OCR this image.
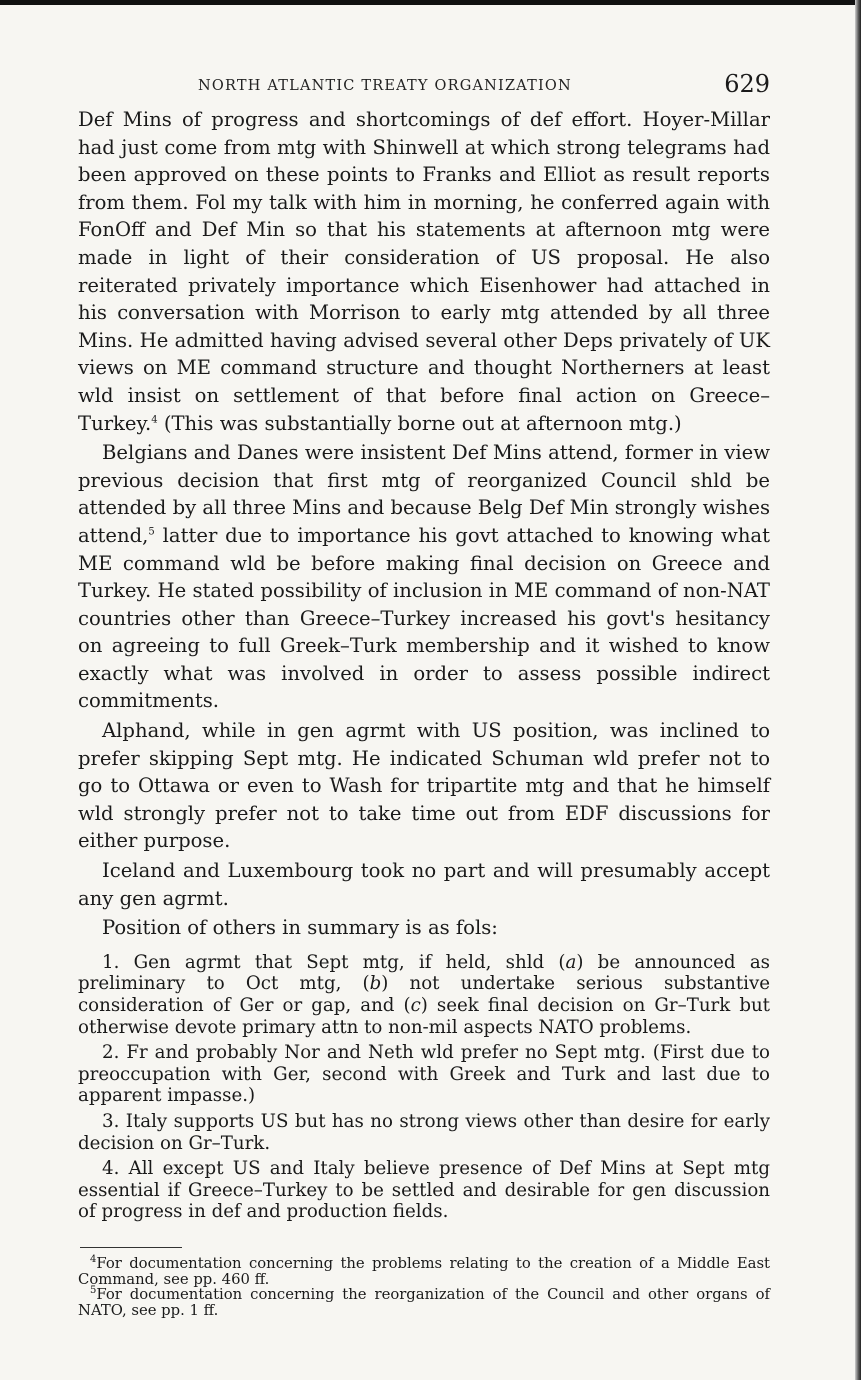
NORTH ATLANTIC TREATY ORGANIZATION	629

Def Mins of progress and shortcomings of def effort. Hoyer-Millar had just come from mtg with Shinwell at which strong telegrams had been approved on these points to Franks and Elliot as result reports from them. Fol my talk with him in morning, he conferred again with FonOff and Def Min so that his statements at afternoon mtg were made in light of their consideration of US proposal. He also reiterated privately importance which Eisenhower had attached in his conversation with Morrison to early mtg attended by all three Mins. He admitted having advised several other Deps privately of UK views on ME command structure and thought Northerners at least wld insist on settlement of that before final action on Greece–Turkey.$^4$ (This was substantially borne out at afternoon mtg.)

Belgians and Danes were insistent Def Mins attend, former in view previous decision that first mtg of reorganized Council shld be attended by all three Mins and because Belg Def Min strongly wishes attend,$^5$ latter due to importance his govt attached to knowing what ME command wld be before making final decision on Greece and Turkey. He stated possibility of inclusion in ME command of non-NAT countries other than Greece–Turkey increased his govt's hesitancy on agreeing to full Greek–Turk membership and it wished to know exactly what was involved in order to assess possible indirect commitments.

Alphand, while in gen agrmt with US position, was inclined to prefer skipping Sept mtg. He indicated Schuman wld prefer not to go to Ottawa or even to Wash for tripartite mtg and that he himself wld strongly prefer not to take time out from EDF discussions for either purpose.

Iceland and Luxembourg took no part and will presumably accept any gen agrmt.

Position of others in summary is as fols:

1. Gen agrmt that Sept mtg, if held, shld (a) be announced as preliminary to Oct mtg, (b) not undertake serious substantive consideration of Ger or gap, and (c) seek final decision on Gr–Turk but otherwise devote primary attn to non-mil aspects NATO problems.

2. Fr and probably Nor and Neth wld prefer no Sept mtg. (First due to preoccupation with Ger, second with Greek and Turk and last due to apparent impasse.)

3. Italy supports US but has no strong views other than desire for early decision on Gr–Turk.

4. All except US and Italy believe presence of Def Mins at Sept mtg essential if Greece–Turkey to be settled and desirable for gen discussion of progress in def and production fields.

$^4$For documentation concerning the problems relating to the creation of a Middle East Command, see pp. 460 ff.

$^5$For documentation concerning the reorganization of the Council and other organs of NATO, see pp. 1 ff.
